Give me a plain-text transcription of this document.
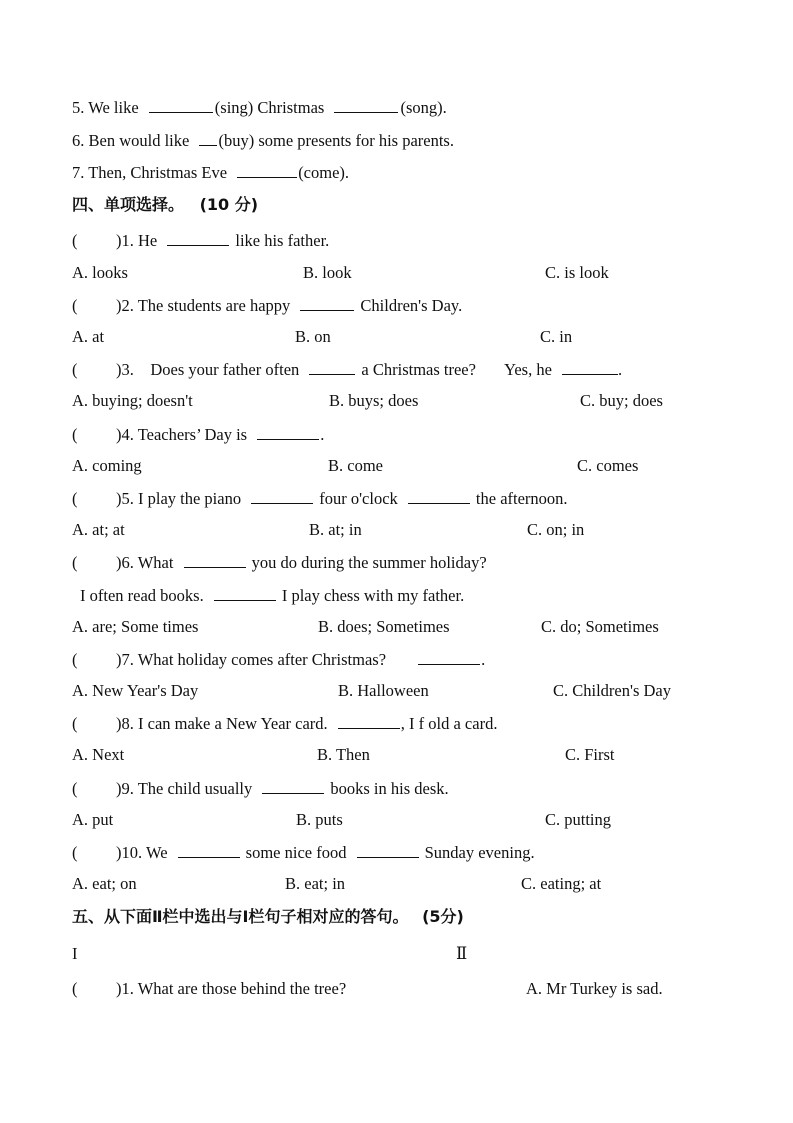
5. We like	(sing) Christmas	(song).
6. Ben would like (buy) some presents for his parents.
7. Then, Christmas Eve	(come).
四、单项选择。 (10 分)
( )1. He	like his father.
A. looks	B. look	C. is look
( )2. The students are happy	Children's Day.
A. at	B. on	C. in
( )3.    Does your father often	a Christmas tree? Yes, he	.
A. buying; doesn't	B. buys; does	C. buy; does
( )4. Teachers’ Day is	.
A. coming	B. come	C. comes
( )5. I play the piano	four o'clock	the afternoon.
A. at; at	B. at; in	C. on; in
( )6. What	you do during the summer holiday?
I often read books.	I play chess with my father.
A. are; Some times	B. does; Sometimes	C. do; Sometimes
( )7. What holiday comes after Christmas?	.
A. New Year's Day	B. Halloween	C. Children's Day
( )8. I can make a New Year card.	, I f old a card.
A. Next	B. Then	C. First
( )9. The child usually	books in his desk.
A. put	B. puts	C. putting
( )10. We	some nice food	Sunday evening.
A. eat; on	B. eat; in	C. eating; at
五、从下面Ⅱ栏中选出与Ⅰ栏句子相对应的答句。 (5分)
I	Ⅱ
( )1. What are those behind the tree?	A. Mr Turkey is sad.
